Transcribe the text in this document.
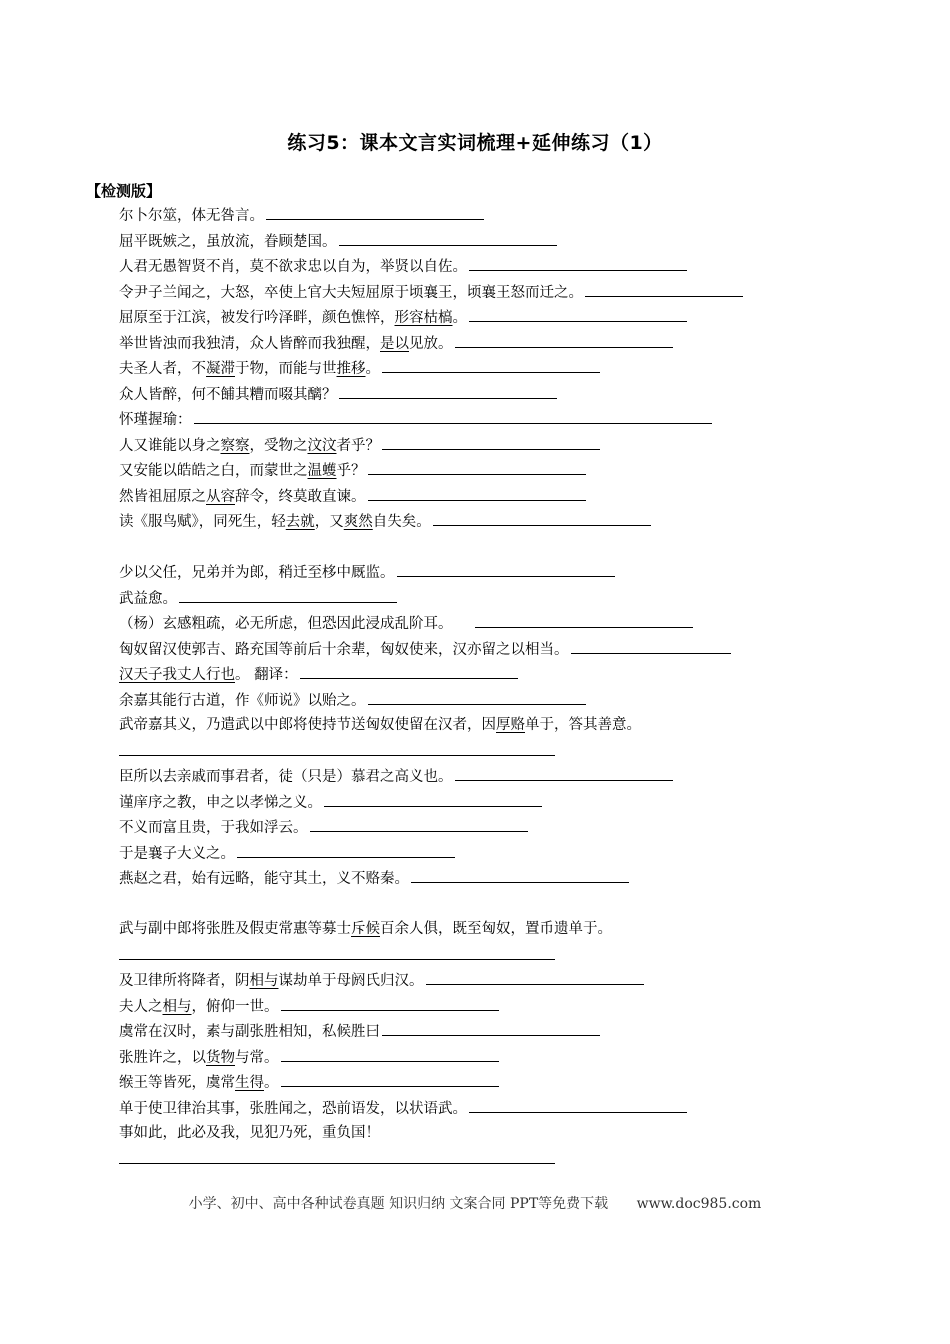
练习5：课本文言实词梳理+延伸练习（1）
【检测版】
尔卜尔筮，体无咎言。
屈平既嫉之，虽放流，眷顾楚国。
人君无愚智贤不肖，莫不欲求忠以自为，举贤以自佐。
令尹子兰闻之，大怒，卒使上官大夫短屈原于顷襄王，顷襄王怒而迁之。
屈原至于江滨，被发行吟泽畔，颜色憔悴，形容枯槁。
举世皆浊而我独清，众人皆醉而我独醒，是以见放。
夫圣人者，不凝滞于物，而能与世推移。
众人皆醉，何不餔其糟而啜其醨？
怀瑾握瑜：
人又谁能以身之察察，受物之汶汶者乎？
又安能以皓皓之白，而蒙世之温蠖乎？
然皆祖屈原之从容辞令，终莫敢直谏。
读《服鸟赋》，同死生，轻去就，又爽然自失矣。
少以父任，兄弟并为郎，稍迁至栘中厩监。
武益愈。
（杨）玄感粗疏，必无所虑，但恐因此浸成乱阶耳。
匈奴留汉使郭吉、路充国等前后十余辈，匈奴使来，汉亦留之以相当。
汉天子我丈人行也。 翻译：
余嘉其能行古道，作《师说》以贻之。
武帝嘉其义，乃遣武以中郎将使持节送匈奴使留在汉者，因厚赂单于，答其善意。
臣所以去亲戚而事君者，徒（只是）慕君之高义也。
谨庠序之教，申之以孝悌之义。
不义而富且贵，于我如浮云。
于是襄子大义之。
燕赵之君，始有远略，能守其土，义不赂秦。
武与副中郎将张胜及假吏常惠等募士斥候百余人俱，既至匈奴，置币遗单于。
及卫律所将降者，阴相与谋劫单于母阏氏归汉。
夫人之相与，俯仰一世。
虞常在汉时，素与副张胜相知，私候胜曰
张胜许之，以货物与常。
缑王等皆死，虞常生得。
单于使卫律治其事，张胜闻之，恐前语发，以状语武。
事如此，此必及我，见犯乃死，重负国！
小学、初中、高中各种试卷真题 知识归纳 文案合同 PPT等免费下载 www.doc985.com
